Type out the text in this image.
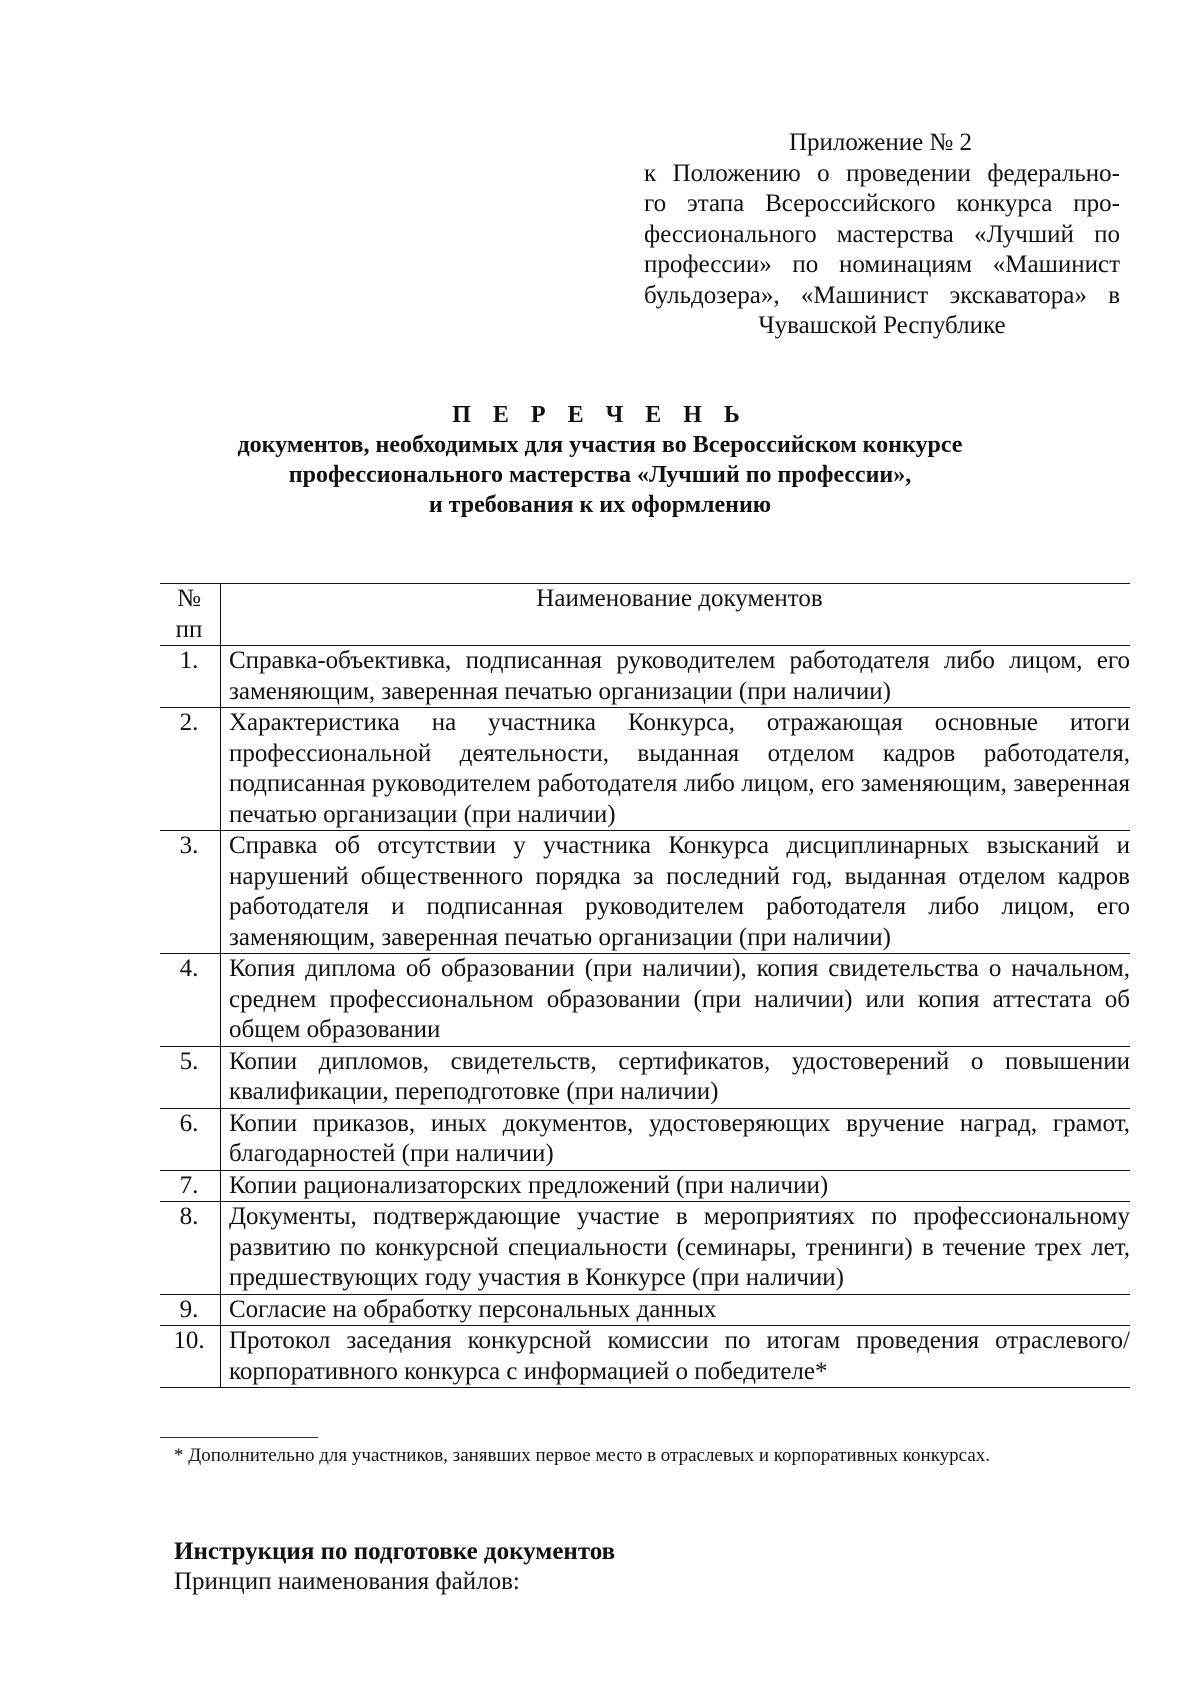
Приложение № 2
к Положению о проведении федерально-
го этапа Всероссийского конкурса про-
фессионального мастерства «Лучший по
профессии» по номинациям «Машинист
бульдозера», «Машинист экскаватора» в
Чувашской Республике
П Е Р Е Ч Е Н Ь
документов, необходимых для участия во Всероссийском конкурсе
профессионального мастерства «Лучший по профессии»,
и требования к их оформлению
№
пп	Наименование документов
1.	Справка-объективка, подписанная руководителем работодателя либо лицом, его заменяющим, заверенная печатью организации (при наличии)
2.	Характеристика на участника Конкурса, отражающая основные итоги профессиональной деятельности, выданная отделом кадров работодателя, подписанная руководителем работодателя либо лицом, его заменяющим, заверенная печатью организации (при наличии)
3.	Справка об отсутствии у участника Конкурса дисциплинарных взысканий и нарушений общественного порядка за последний год, выданная отделом кадров работодателя и подписанная руководителем работодателя либо лицом, его заменяющим, заверенная печатью организации (при наличии)
4.	Копия диплома об образовании (при наличии), копия свидетельства о начальном, среднем профессиональном образовании (при наличии) или копия аттестата об общем образовании
5.	Копии дипломов, свидетельств, сертификатов, удостоверений о повышении квалификации, переподготовке (при наличии)
6.	Копии приказов, иных документов, удостоверяющих вручение наград, грамот, благодарностей (при наличии)
7.	Копии рационализаторских предложений (при наличии)
8.	Документы, подтверждающие участие в мероприятиях по профессиональному развитию по конкурсной специальности (семинары, тренинги) в течение трех лет, предшествующих году участия в Конкурсе (при наличии)
9.	Согласие на обработку персональных данных
10.	Протокол заседания конкурсной комиссии по итогам проведения отраслевого/ корпоративного конкурса с информацией о победителе*
* Дополнительно для участников, занявших первое место в отраслевых и корпоративных конкурсах.
Инструкция по подготовке документов
Принцип наименования файлов:
